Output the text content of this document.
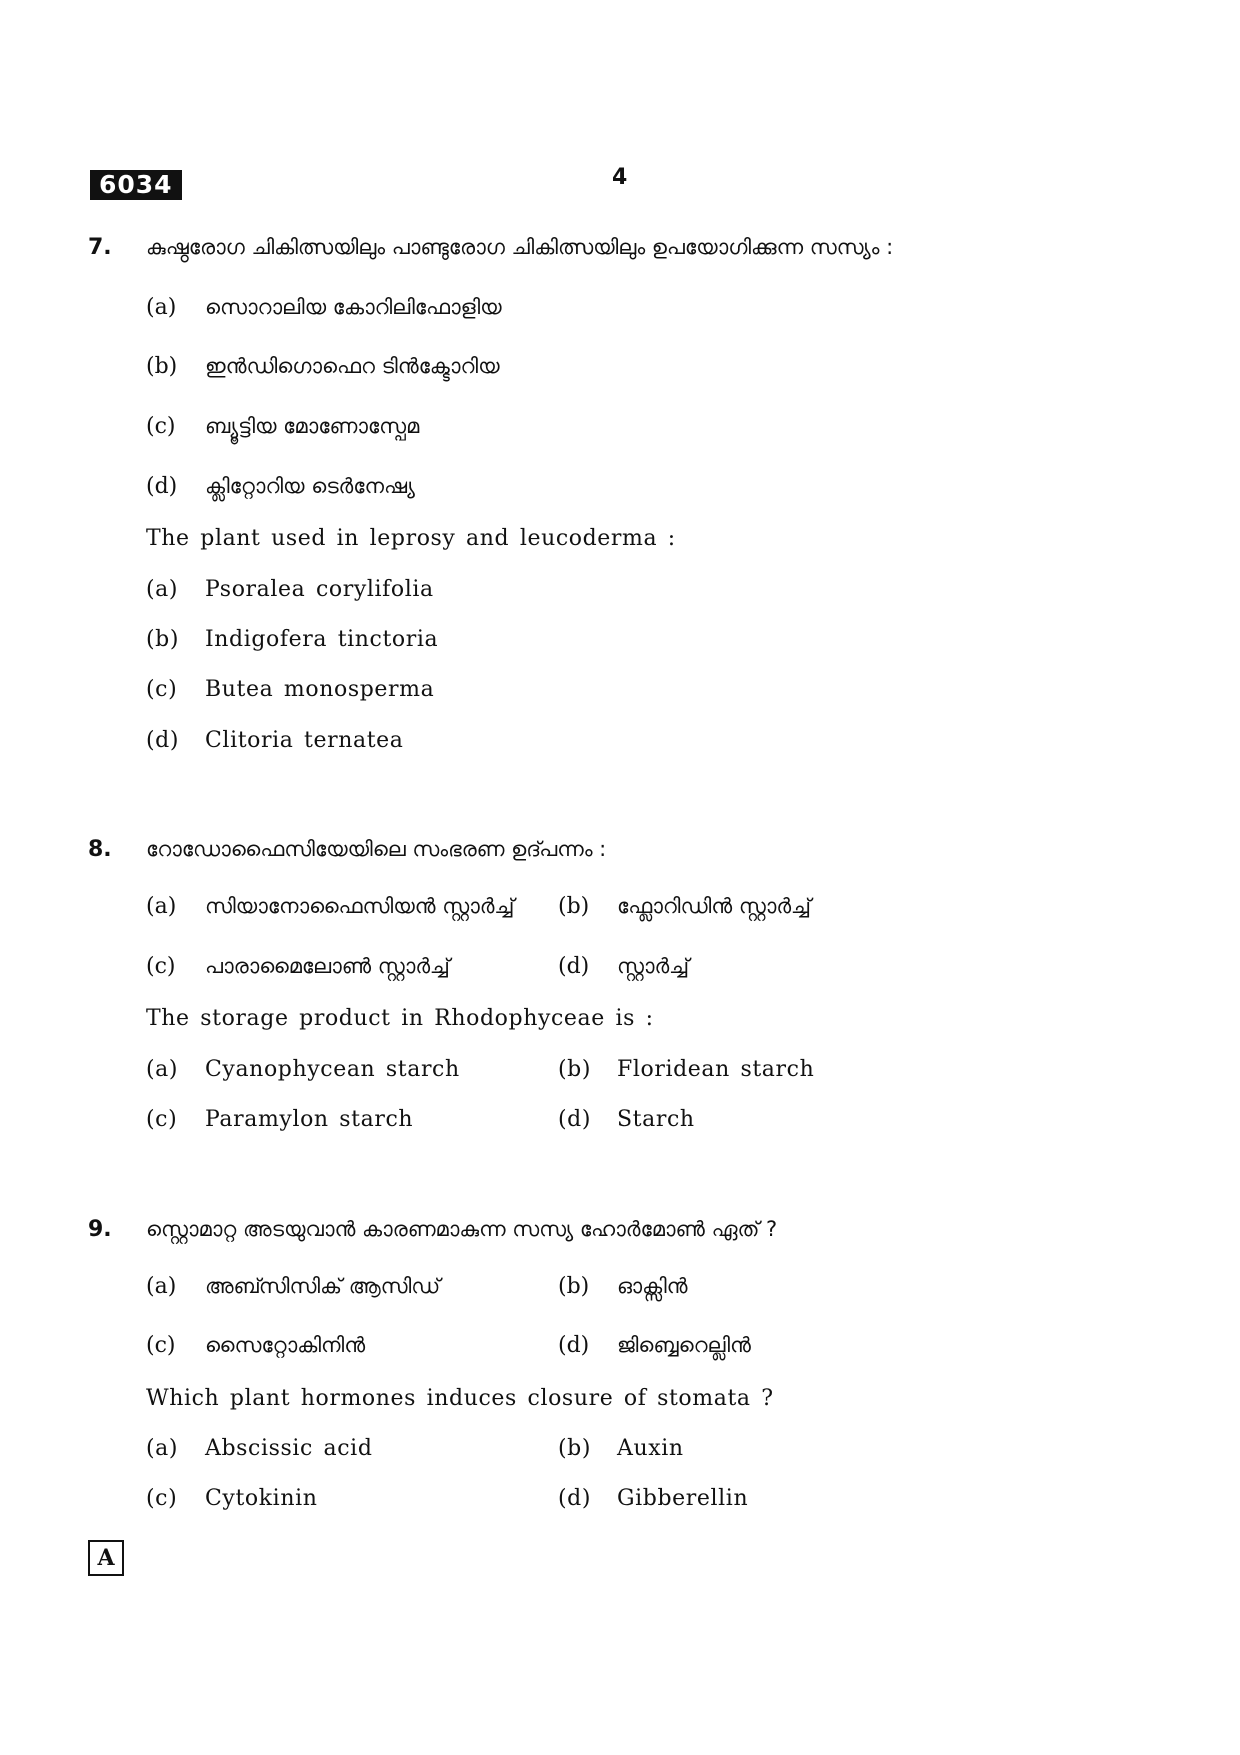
6034	4
7. കുഷ്ഠരോഗ ചികിത്സയിലും പാണ്ടുരോഗ ചികിത്സയിലും ഉപയോഗിക്കുന്ന സസ്യം :
(a) സൊറാലിയ കോറിലിഫോളിയ
(b) ഇൻഡിഗൊഫെറ ടിൻക്ടോറിയ
(c) ബ്യൂട്ടിയ മോണോസ്പേമ
(d) ക്ലിറ്റോറിയ ടെർനേഷ്യ
The plant used in leprosy and leucoderma :
(a) Psoralea corylifolia
(b) Indigofera tinctoria
(c) Butea monosperma
(d) Clitoria ternatea
8. റോഡോഫൈസിയേയിലെ സംഭരണ ഉദ്പന്നം :
(a) സിയാനോഫൈസിയൻ സ്റ്റാർച്ച് (b) ഫ്ലോറിഡിൻ സ്റ്റാർച്ച്
(c) പാരാമൈലോൺ സ്റ്റാർച്ച്	(d) സ്റ്റാർച്ച്
The storage product in Rhodophyceae is :
(a) Cyanophycean starch	(b) Floridean starch
(c) Paramylon starch	(d) Starch
9. സ്റ്റൊമാറ്റ അടയുവാൻ കാരണമാകുന്ന സസ്യ ഹോർമോൺ ഏത് ?
(a) അബ്സിസിക് ആസിഡ്	(b) ഓക്സിൻ
(c) സൈറ്റോകിനിൻ	(d) ജിബ്ബെറെല്ലിൻ
Which plant hormones induces closure of stomata ?
(a) Abscissic acid	(b) Auxin
(c) Cytokinin	(d) Gibberellin
A
